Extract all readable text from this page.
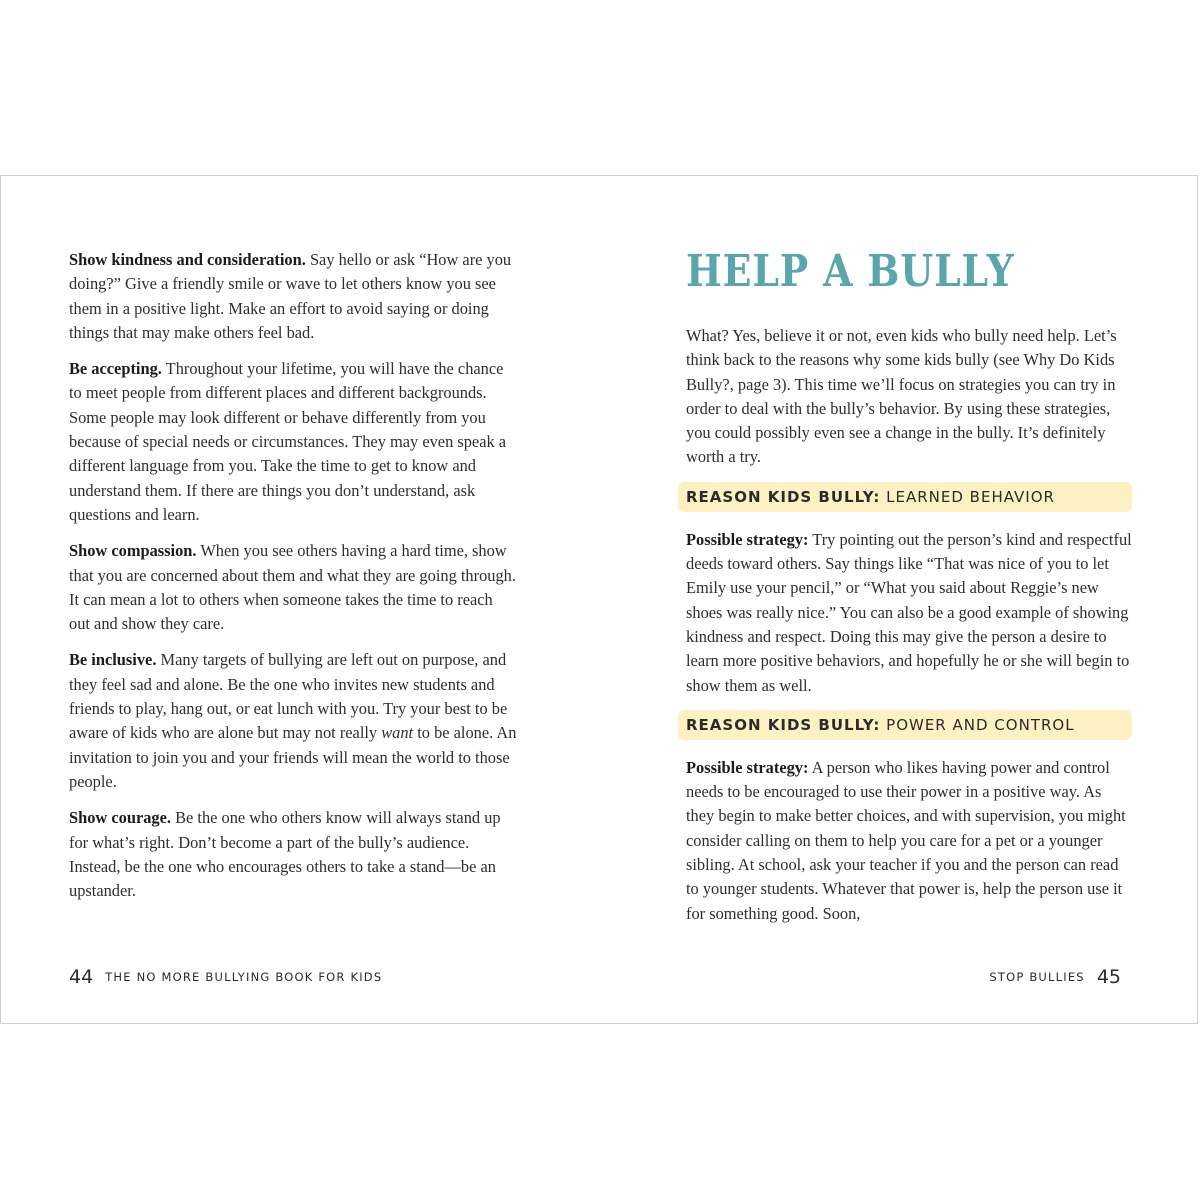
Show kindness and consideration. Say hello or ask “How are you doing?” Give a friendly smile or wave to let others know you see them in a positive light. Make an effort to avoid saying or doing things that may make others feel bad.

Be accepting. Throughout your lifetime, you will have the chance to meet people from different places and different backgrounds. Some people may look different or behave differently from you because of special needs or circumstances. They may even speak a different language from you. Take the time to get to know and understand them. If there are things you don’t understand, ask questions and learn.

Show compassion. When you see others having a hard time, show that you are concerned about them and what they are going through. It can mean a lot to others when someone takes the time to reach out and show they care.

Be inclusive. Many targets of bullying are left out on purpose, and they feel sad and alone. Be the one who invites new students and friends to play, hang out, or eat lunch with you. Try your best to be aware of kids who are alone but may not really want to be alone. An invitation to join you and your friends will mean the world to those people.

Show courage. Be the one who others know will always stand up for what’s right. Don’t become a part of the bully’s audience. Instead, be the one who encourages others to take a stand—be an upstander.

44 THE NO MORE BULLYING BOOK FOR KIDS
HELP A BULLY

What? Yes, believe it or not, even kids who bully need help. Let’s think back to the reasons why some kids bully (see Why Do Kids Bully?, page 3). This time we’ll focus on strategies you can try in order to deal with the bully’s behavior. By using these strategies, you could possibly even see a change in the bully. It’s definitely worth a try.

REASON KIDS BULLY: LEARNED BEHAVIOR

Possible strategy: Try pointing out the person’s kind and respectful deeds toward others. Say things like “That was nice of you to let Emily use your pencil,” or “What you said about Reggie’s new shoes was really nice.” You can also be a good example of showing kindness and respect. Doing this may give the person a desire to learn more positive behaviors, and hopefully he or she will begin to show them as well.

REASON KIDS BULLY: POWER AND CONTROL

Possible strategy: A person who likes having power and control needs to be encouraged to use their power in a positive way. As they begin to make better choices, and with supervision, you might consider calling on them to help you care for a pet or a younger sibling. At school, ask your teacher if you and the person can read to younger students. Whatever that power is, help the person use it for something good. Soon,

STOP BULLIES 45
